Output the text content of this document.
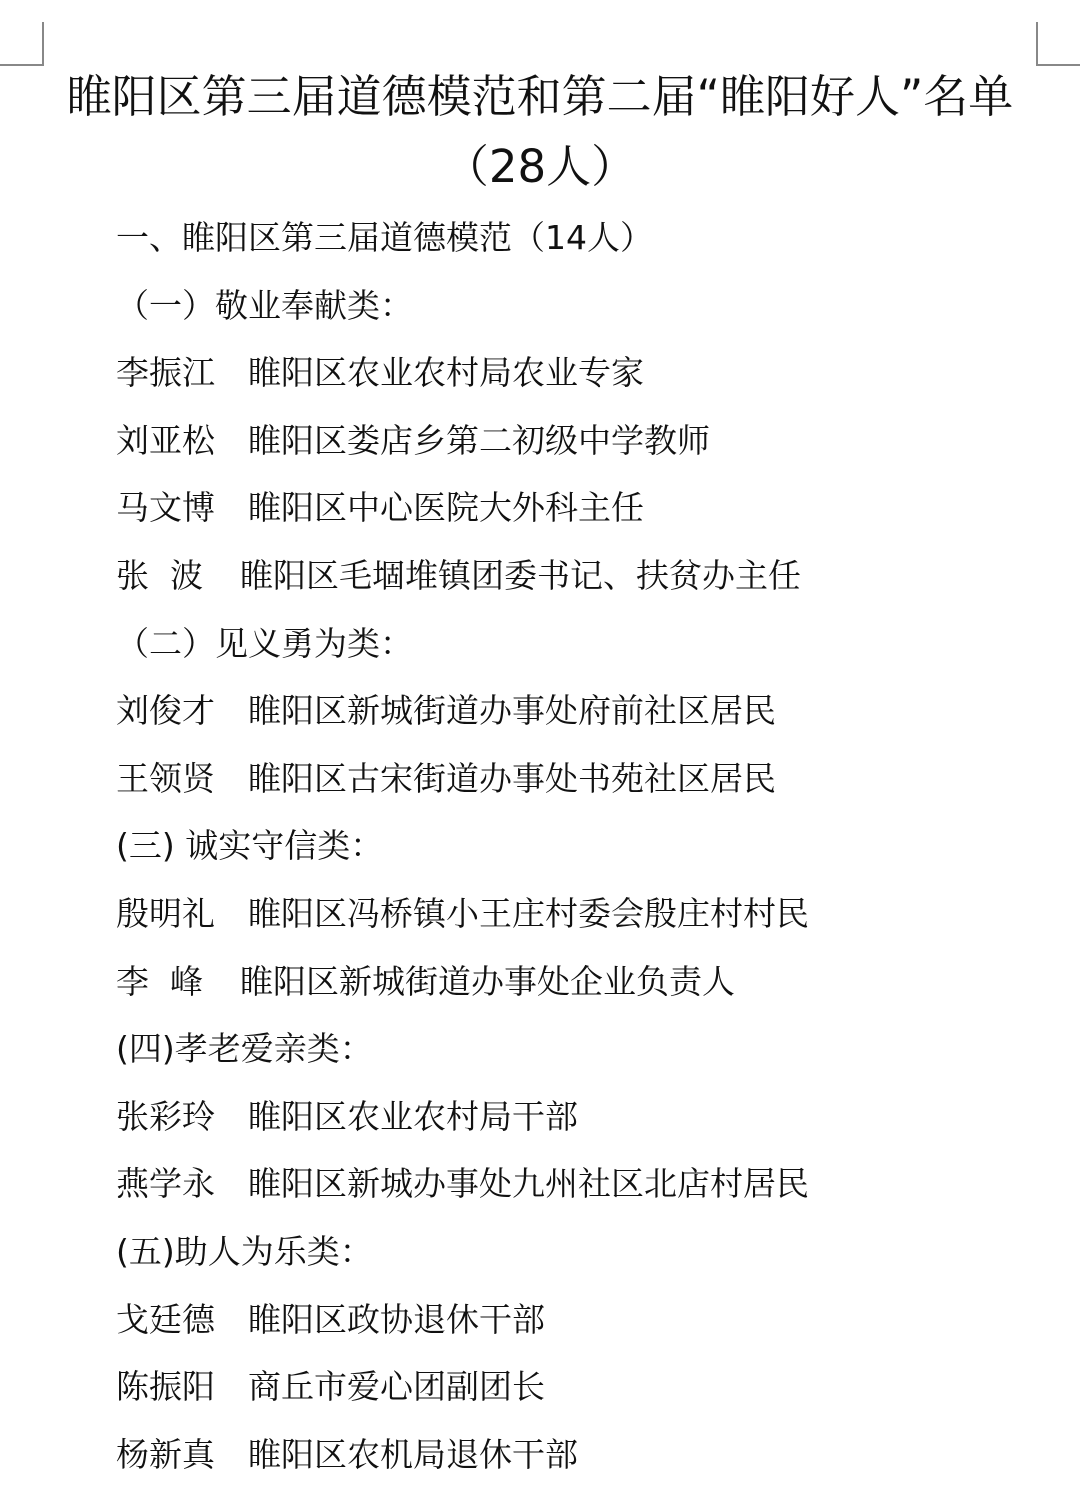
睢阳区第三届道德模范和第二届“睢阳好人”名单（28人）
一、睢阳区第三届道德模范（14人）
（一）敬业奉献类：
李振江	睢阳区农业农村局农业专家
刘亚松	睢阳区娄店乡第二初级中学教师
马文博	睢阳区中心医院大外科主任
张  波	睢阳区毛堌堆镇团委书记、扶贫办主任
（二）见义勇为类：
刘俊才	睢阳区新城街道办事处府前社区居民
王领贤	睢阳区古宋街道办事处书苑社区居民
(三) 诚实守信类：
殷明礼	睢阳区冯桥镇小王庄村委会殷庄村村民
李  峰	睢阳区新城街道办事处企业负责人
(四)孝老爱亲类：
张彩玲	睢阳区农业农村局干部
燕学永	睢阳区新城办事处九州社区北店村居民
(五)助人为乐类：
戈廷德	睢阳区政协退休干部
陈振阳	商丘市爱心团副团长
杨新真	睢阳区农机局退休干部
